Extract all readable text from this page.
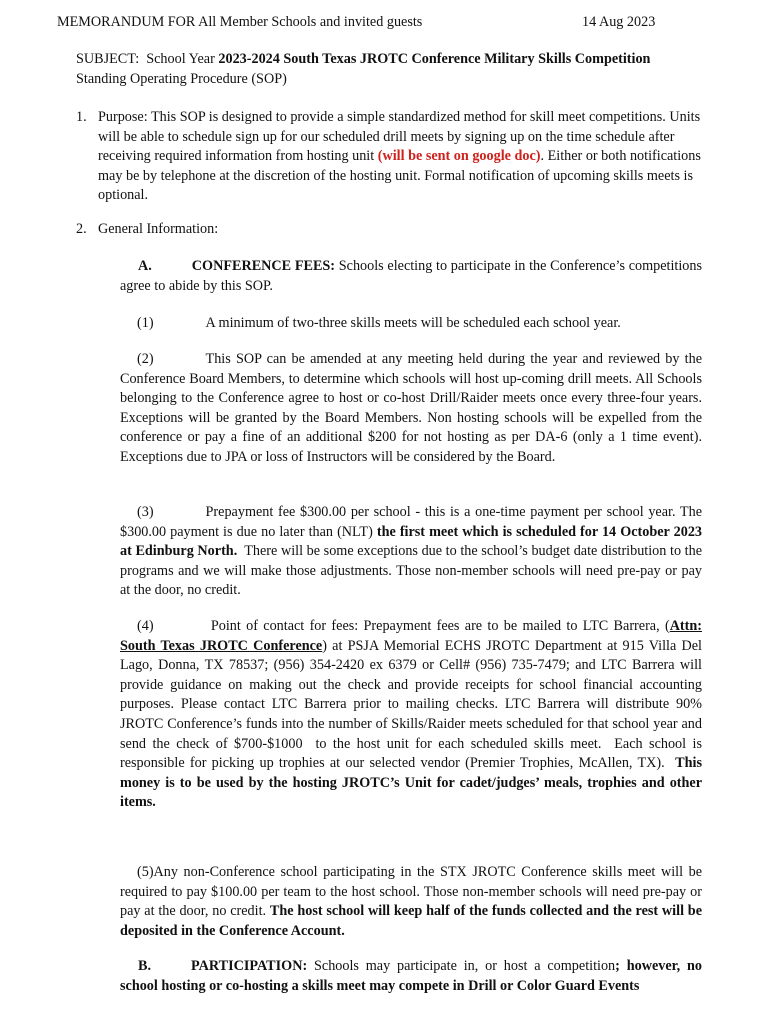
MEMORANDUM FOR All Member Schools and invited guests	14 Aug 2023
SUBJECT:  School Year 2023-2024 South Texas JROTC Conference Military Skills Competition
Standing Operating Procedure (SOP)
1. Purpose: This SOP is designed to provide a simple standardized method for skill meet competitions. Units will be able to schedule sign up for our scheduled drill meets by signing up on the time schedule after receiving required information from hosting unit (will be sent on google doc). Either or both notifications may be by telephone at the discretion of the hosting unit. Formal notification of upcoming skills meets is optional.
2. General Information:
A.	CONFERENCE FEES: Schools electing to participate in the Conference’s competitions agree to abide by this SOP.
(1)	A minimum of two-three skills meets will be scheduled each school year.
(2)	This SOP can be amended at any meeting held during the year and reviewed by the Conference Board Members, to determine which schools will host up-coming drill meets. All Schools belonging to the Conference agree to host or co-host Drill/Raider meets once every three-four years. Exceptions will be granted by the Board Members. Non hosting schools will be expelled from the conference or pay a fine of an additional $200 for not hosting as per DA-6 (only a 1 time event). Exceptions due to JPA or loss of Instructors will be considered by the Board.
(3)	Prepayment fee $300.00 per school - this is a one-time payment per school year. The $300.00 payment is due no later than (NLT) the first meet which is scheduled for 14 October 2023 at Edinburg North.  There will be some exceptions due to the school’s budget date distribution to the programs and we will make those adjustments. Those non-member schools will need pre-pay or pay at the door, no credit.
(4)	Point of contact for fees: Prepayment fees are to be mailed to LTC Barrera, (Attn: South Texas JROTC Conference) at PSJA Memorial ECHS JROTC Department at 915 Villa Del Lago, Donna, TX 78537; (956) 354-2420 ex 6379 or Cell# (956) 735-7479; and LTC Barrera will provide guidance on making out the check and provide receipts for school financial accounting purposes. Please contact LTC Barrera prior to mailing checks. LTC Barrera will distribute 90% JROTC Conference’s funds into the number of Skills/Raider meets scheduled for that school year and send the check of $700-$1000  to the host unit for each scheduled skills meet.  Each school is responsible for picking up trophies at our selected vendor (Premier Trophies, McAllen, TX).  This money is to be used by the hosting JROTC’s Unit for cadet/judges’ meals, trophies and other items.
(5)Any non-Conference school participating in the STX JROTC Conference skills meet will be required to pay $100.00 per team to the host school. Those non-member schools will need pre-pay or pay at the door, no credit. The host school will keep half of the funds collected and the rest will be deposited in the Conference Account.
B.	PARTICIPATION: Schools may participate in, or host a competition; however, no school hosting or co-hosting a skills meet may compete in Drill or Color Guard Events
